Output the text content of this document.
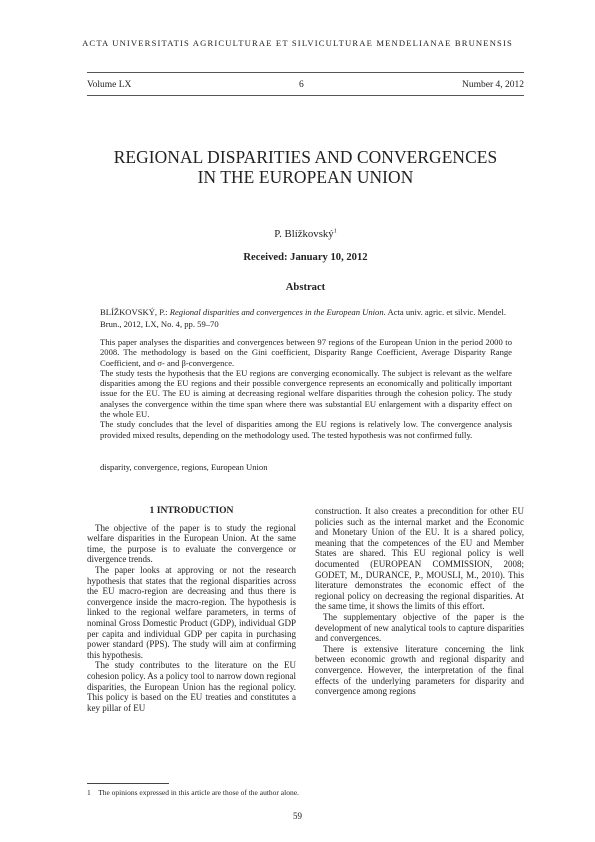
ACTA UNIVERSITATIS AGRICULTURAE ET SILVICULTURAE MENDELIANAE BRUNENSIS
Volume LX	6	Number 4, 2012
REGIONAL DISPARITIES AND CONVERGENCES
IN THE EUROPEAN UNION
P. Blížkovský$^1$
Received: January 10, 2012
Abstract
BLÍŽKOVSKÝ, P.: Regional disparities and convergences in the European Union. Acta univ. agric. et silvic. Mendel. Brun., 2012, LX, No. 4, pp. 59–70

This paper analyses the disparities and convergences between 97 regions of the European Union in the period 2000 to 2008. The methodology is based on the Gini coefficient, Disparity Range Coefficient, Average Disparity Range Coefficient, and σ- and β-convergence.

The study tests the hypothesis that the EU regions are converging economically. The subject is relevant as the welfare disparities among the EU regions and their possible convergence represents an economically and politically important issue for the EU. The EU is aiming at decreasing regional welfare disparities through the cohesion policy. The study analyses the convergence within the time span where there was substantial EU enlargement with a disparity effect on the whole EU.

The study concludes that the level of disparities among the EU regions is relatively low. The convergence analysis provided mixed results, depending on the methodology used. The tested hypothesis was not confirmed fully.

disparity, convergence, regions, European Union
1 INTRODUCTION

The objective of the paper is to study the regional welfare disparities in the European Union. At the same time, the purpose is to evaluate the convergence or divergence trends.

The paper looks at approving or not the research hypothesis that states that the regional disparities across the EU macro-region are decreasing and thus there is convergence inside the macro-region. The hypothesis is linked to the regional welfare parameters, in terms of nominal Gross Domestic Product (GDP), individual GDP per capita and individual GDP per capita in purchasing power standard (PPS). The study will aim at confirming this hypothesis.

The study contributes to the literature on the EU cohesion policy. As a policy tool to narrow down regional disparities, the European Union has the regional policy. This policy is based on the EU treaties and constitutes a key pillar of EU

construction. It also creates a precondition for other EU policies such as the internal market and the Economic and Monetary Union of the EU. It is a shared policy, meaning that the competences of the EU and Member States are shared. This EU regional policy is well documented (EUROPEAN COMMISSION, 2008; GODET, M., DURANCE, P., MOUSLI, M., 2010). This literature demonstrates the economic effect of the regional policy on decreasing the regional disparities. At the same time, it shows the limits of this effort.

The supplementary objective of the paper is the development of new analytical tools to capture disparities and convergences.

There is extensive literature concerning the link between economic growth and regional disparity and convergence. However, the interpretation of the final effects of the underlying parameters for disparity and convergence among regions

1 The opinions expressed in this article are those of the author alone.
59
